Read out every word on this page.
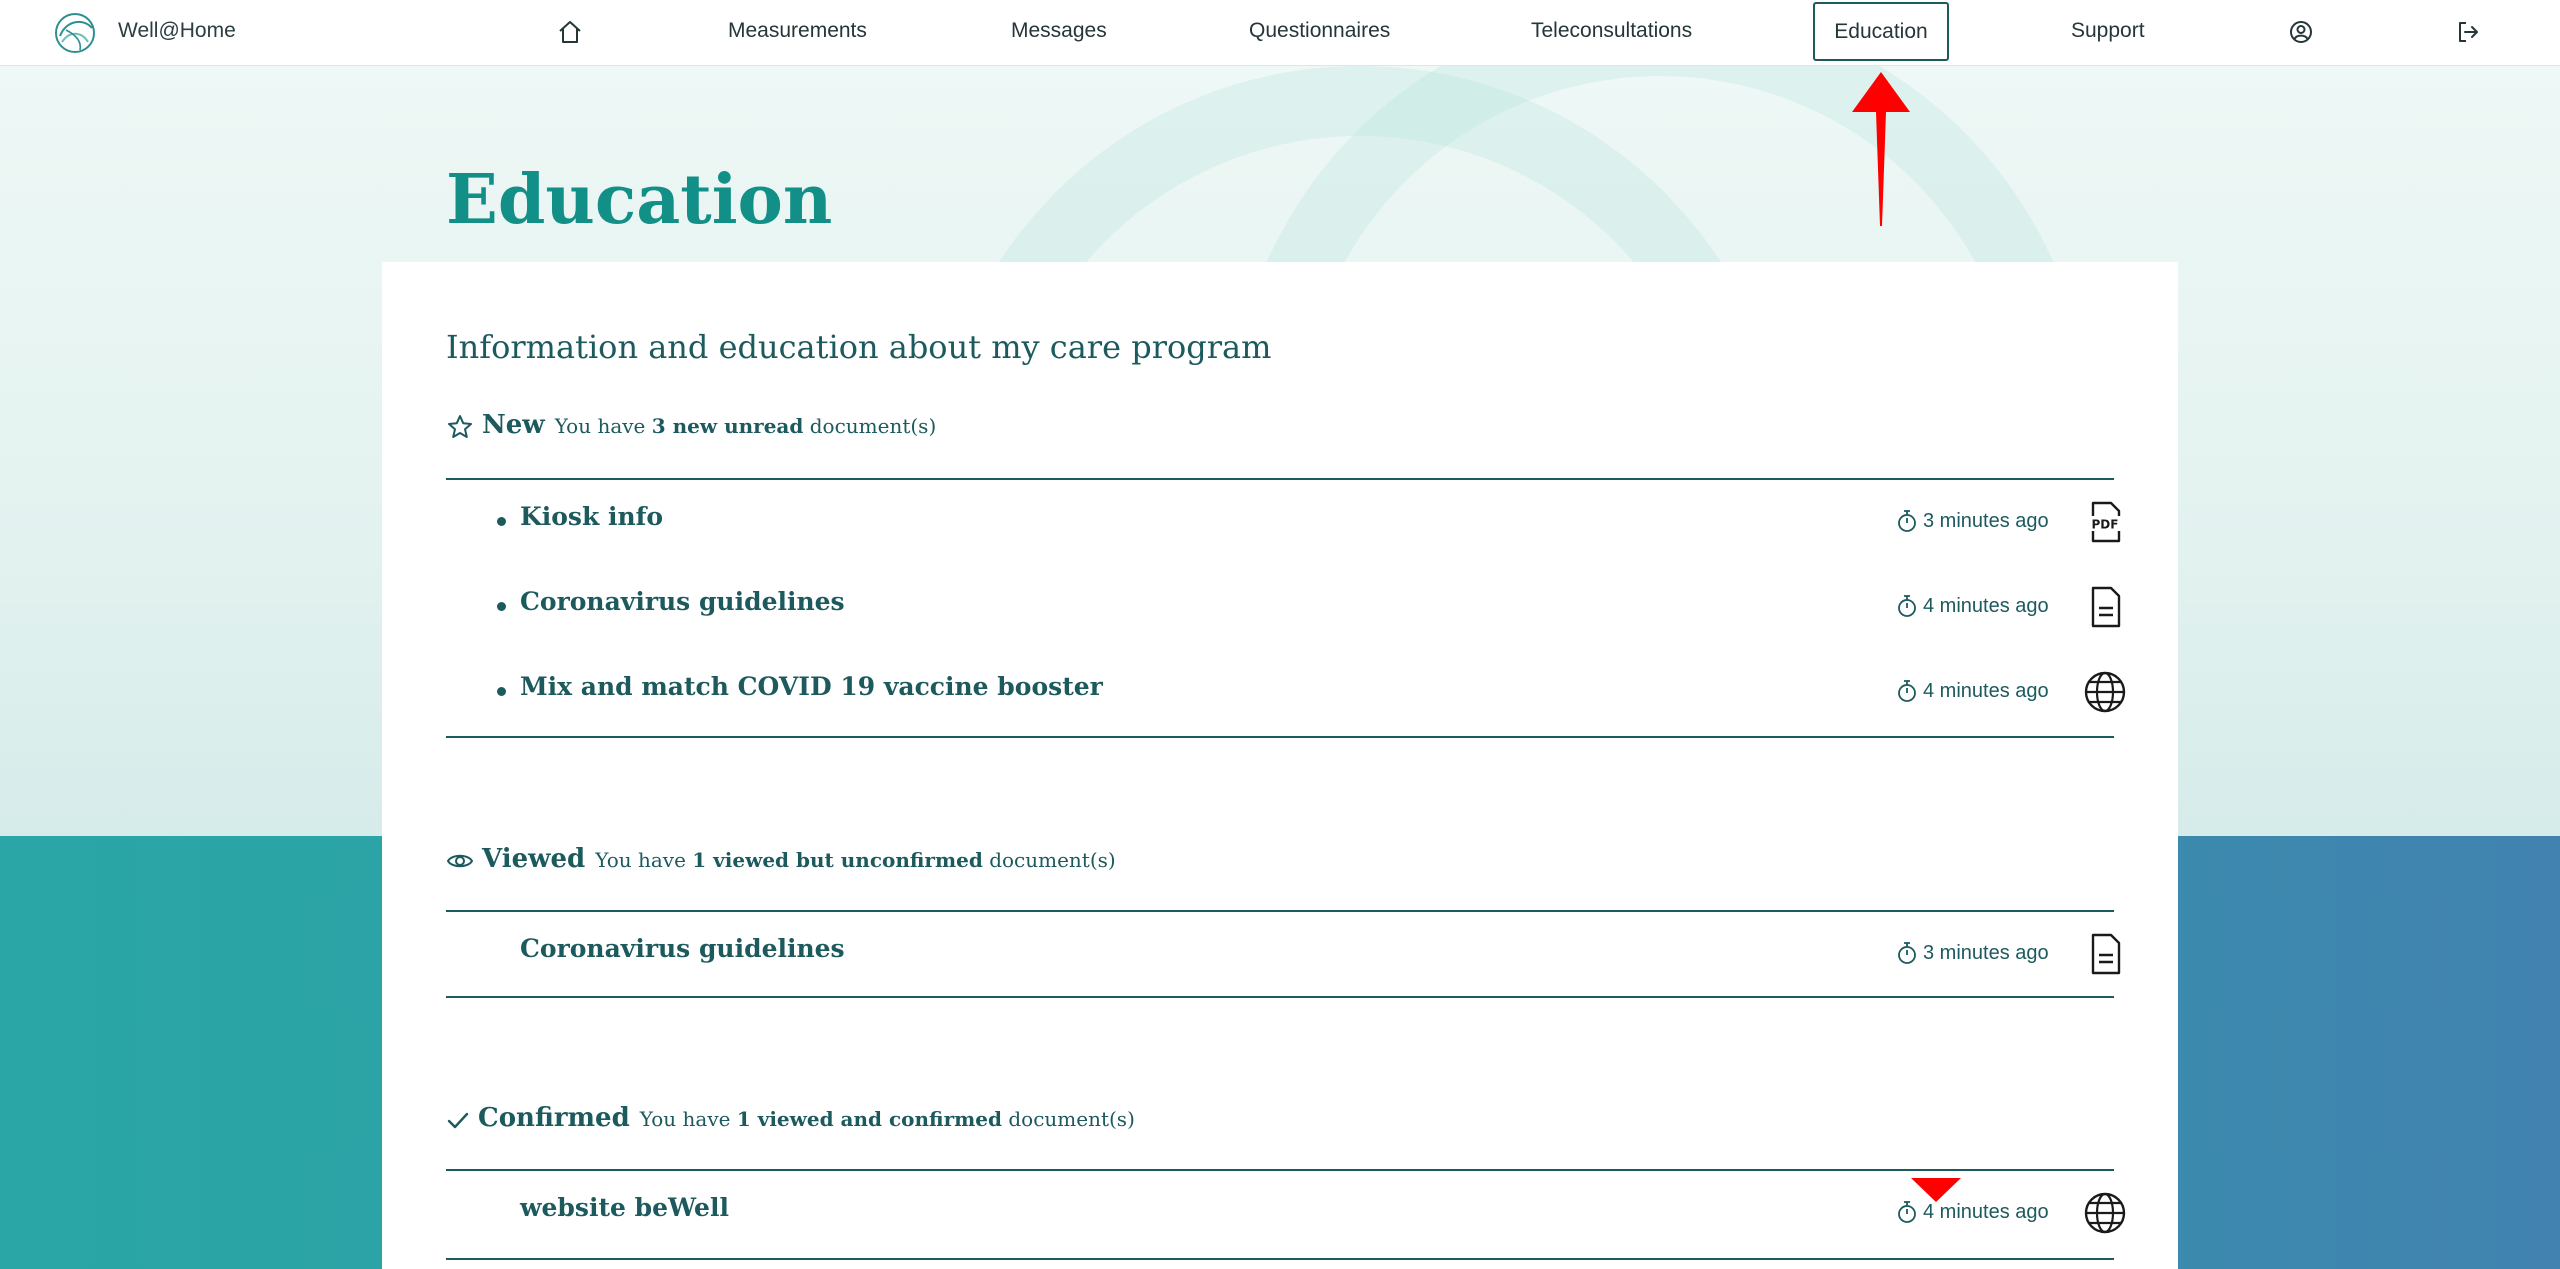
Well@Home	Measurements	Messages	Questionnaires	Teleconsultations	Education	Support
Education
Information and education about my care program
New You have 3 new unread document(s)
Kiosk info	3 minutes ago	PDF
Coronavirus guidelines	4 minutes ago
Mix and match COVID 19 vaccine booster	4 minutes ago
Viewed You have 1 viewed but unconfirmed document(s)
Coronavirus guidelines	3 minutes ago
Confirmed You have 1 viewed and confirmed document(s)
website beWell	4 minutes ago
